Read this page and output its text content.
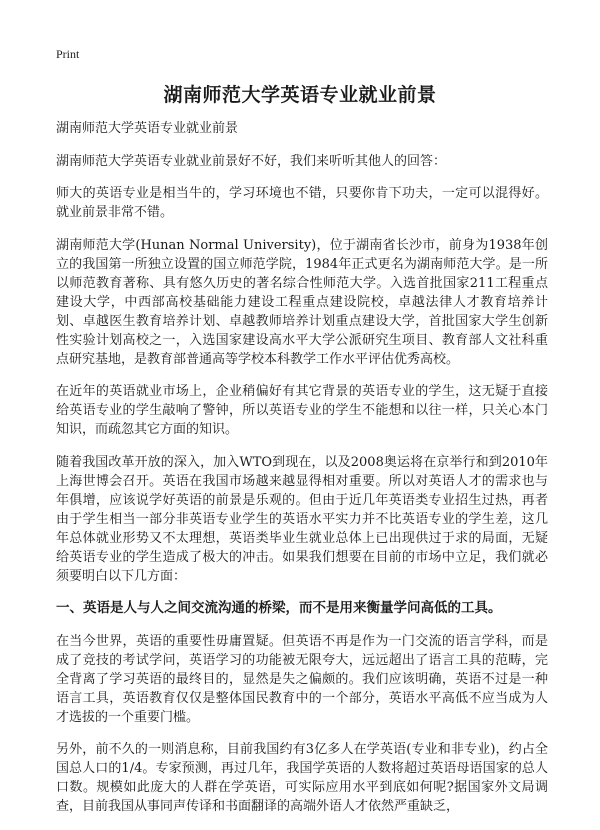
Print
湖南师范大学英语专业就业前景

湖南师范大学英语专业就业前景

湖南师范大学英语专业就业前景好不好，我们来听听其他人的回答：

师大的英语专业是相当牛的，学习环境也不错，只要你肯下功夫，一定可以混得好。就业前景非常不错。

湖南师范大学(Hunan Normal University)，位于湖南省长沙市，前身为1938年创立的我国第一所独立设置的国立师范学院，1984年正式更名为湖南师范大学。是一所以师范教育著称、具有悠久历史的著名综合性师范大学。入选首批国家211工程重点建设大学，中西部高校基础能力建设工程重点建设院校，卓越法律人才教育培养计划、卓越医生教育培养计划、卓越教师培养计划重点建设大学，首批国家大学生创新性实验计划高校之一，入选国家建设高水平大学公派研究生项目、教育部人文社科重点研究基地，是教育部普通高等学校本科教学工作水平评估优秀高校。

在近年的英语就业市场上，企业稍偏好有其它背景的英语专业的学生，这无疑于直接给英语专业的学生敲响了警钟，所以英语专业的学生不能想和以往一样，只关心本门知识，而疏忽其它方面的知识。

随着我国改革开放的深入，加入WTO到现在，以及2008奥运将在京举行和到2010年上海世博会召开。英语在我国市场越来越显得相对重要。所以对英语人才的需求也与年俱增，应该说学好英语的前景是乐观的。但由于近几年英语类专业招生过热，再者由于学生相当一部分非英语专业学生的英语水平实力并不比英语专业的学生差，这几年总体就业形势又不太理想，英语类毕业生就业总体上已出现供过于求的局面，无疑给英语专业的学生造成了极大的冲击。如果我们想要在目前的市场中立足，我们就必须要明白以下几方面：

一、英语是人与人之间交流沟通的桥梁，而不是用来衡量学问高低的工具。

在当今世界，英语的重要性毋庸置疑。但英语不再是作为一门交流的语言学科，而是成了竞技的考试学问，英语学习的功能被无限夸大，远远超出了语言工具的范畴，完全背离了学习英语的最终目的，显然是失之偏颇的。我们应该明确，英语不过是一种语言工具，英语教育仅仅是整体国民教育中的一个部分，英语水平高低不应当成为人才选拔的一个重要门槛。

另外，前不久的一则消息称，目前我国约有3亿多人在学英语(专业和非专业)，约占全国总人口的1/4。专家预测，再过几年，我国学英语的人数将超过英语母语国家的总人口数。规模如此庞大的人群在学英语，可实际应用水平到底如何呢?据国家外文局调查，目前我国从事同声传译和书面翻译的高端外语人才依然严重缺乏，
